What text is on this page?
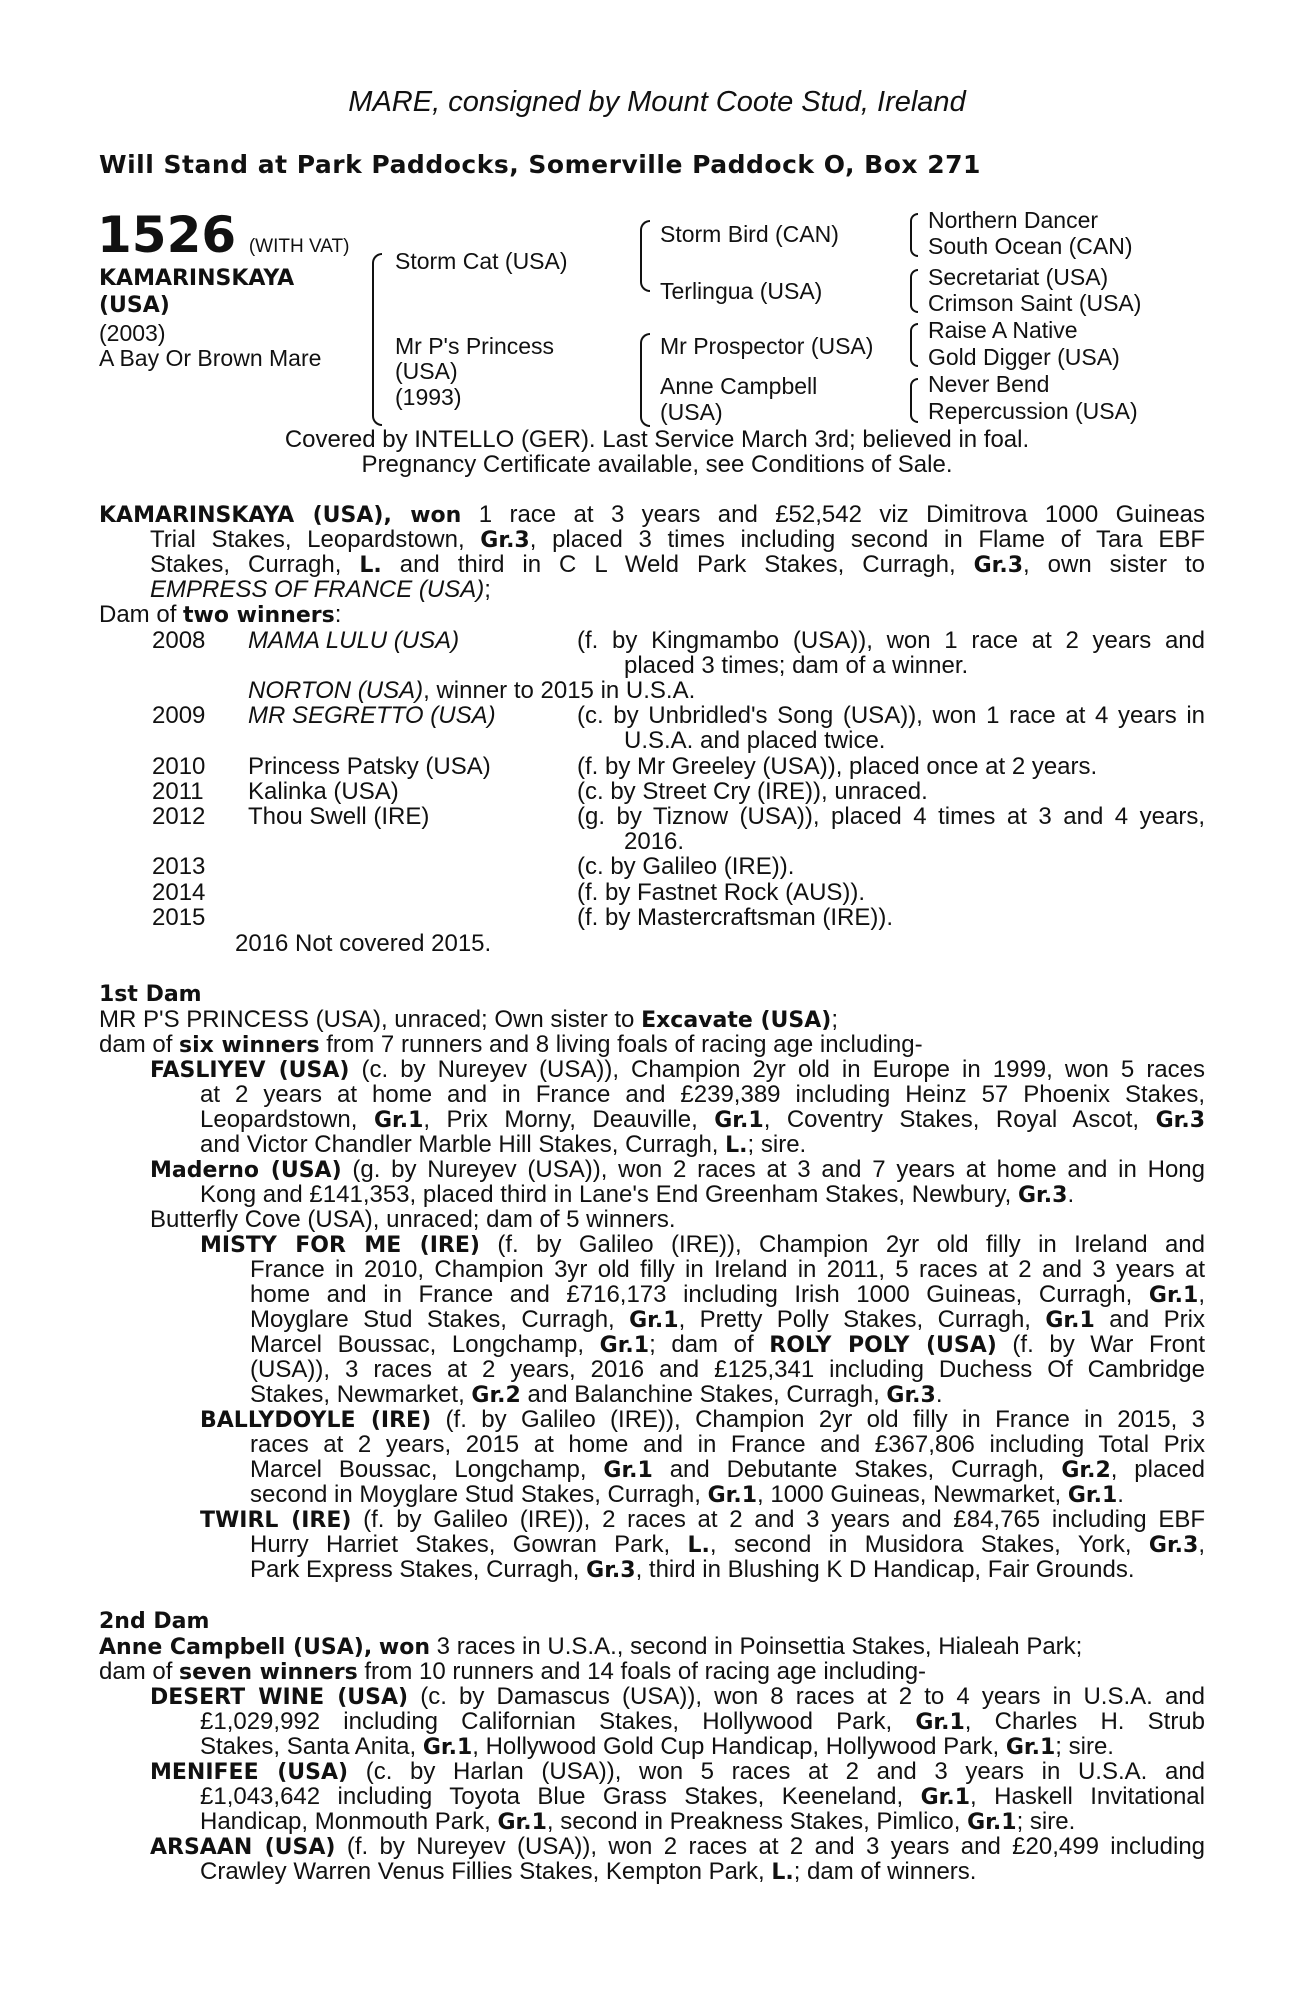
MARE, consigned by Mount Coote Stud, Ireland
Will Stand at Park Paddocks, Somerville Paddock O, Box 271
1526 (WITH VAT)
KAMARINSKAYA
(USA)
(2003)
A Bay Or Brown Mare
Storm Cat (USA)
Mr P's Princess
(USA)
(1993)
Storm Bird (CAN)
Terlingua (USA)
Mr Prospector (USA)
Anne Campbell
(USA)
Northern Dancer
South Ocean (CAN)
Secretariat (USA)
Crimson Saint (USA)
Raise A Native
Gold Digger (USA)
Never Bend
Repercussion (USA)
Covered by INTELLO (GER). Last Service March 3rd; believed in foal.
Pregnancy Certificate available, see Conditions of Sale.
KAMARINSKAYA (USA), won 1 race at 3 years and £52,542 viz Dimitrova 1000 Guineas
Trial Stakes, Leopardstown, Gr.3, placed 3 times including second in Flame of Tara EBF
Stakes, Curragh, L. and third in C L Weld Park Stakes, Curragh, Gr.3, own sister to
EMPRESS OF FRANCE (USA);
Dam of two winners:
2008 MAMA LULU (USA)	(f. by Kingmambo (USA)), won 1 race at 2 years and
placed 3 times; dam of a winner.
NORTON (USA), winner to 2015 in U.S.A.
2009 MR SEGRETTO (USA)	(c. by Unbridled's Song (USA)), won 1 race at 4 years in
U.S.A. and placed twice.
2010 Princess Patsky (USA)	(f. by Mr Greeley (USA)), placed once at 2 years.
2011 Kalinka (USA)	(c. by Street Cry (IRE)), unraced.
2012 Thou Swell (IRE)	(g. by Tiznow (USA)), placed 4 times at 3 and 4 years,
2016.
2013	(c. by Galileo (IRE)).
2014	(f. by Fastnet Rock (AUS)).
2015	(f. by Mastercraftsman (IRE)).
2016 Not covered 2015.
1st Dam
MR P'S PRINCESS (USA), unraced; Own sister to Excavate (USA);
dam of six winners from 7 runners and 8 living foals of racing age including-
FASLIYEV (USA) (c. by Nureyev (USA)), Champion 2yr old in Europe in 1999, won 5 races
at 2 years at home and in France and £239,389 including Heinz 57 Phoenix Stakes,
Leopardstown, Gr.1, Prix Morny, Deauville, Gr.1, Coventry Stakes, Royal Ascot, Gr.3
and Victor Chandler Marble Hill Stakes, Curragh, L.; sire.
Maderno (USA) (g. by Nureyev (USA)), won 2 races at 3 and 7 years at home and in Hong
Kong and £141,353, placed third in Lane's End Greenham Stakes, Newbury, Gr.3.
Butterfly Cove (USA), unraced; dam of 5 winners.
MISTY FOR ME (IRE) (f. by Galileo (IRE)), Champion 2yr old filly in Ireland and
France in 2010, Champion 3yr old filly in Ireland in 2011, 5 races at 2 and 3 years at
home and in France and £716,173 including Irish 1000 Guineas, Curragh, Gr.1,
Moyglare Stud Stakes, Curragh, Gr.1, Pretty Polly Stakes, Curragh, Gr.1 and Prix
Marcel Boussac, Longchamp, Gr.1; dam of ROLY POLY (USA) (f. by War Front
(USA)), 3 races at 2 years, 2016 and £125,341 including Duchess Of Cambridge
Stakes, Newmarket, Gr.2 and Balanchine Stakes, Curragh, Gr.3.
BALLYDOYLE (IRE) (f. by Galileo (IRE)), Champion 2yr old filly in France in 2015, 3
races at 2 years, 2015 at home and in France and £367,806 including Total Prix
Marcel Boussac, Longchamp, Gr.1 and Debutante Stakes, Curragh, Gr.2, placed
second in Moyglare Stud Stakes, Curragh, Gr.1, 1000 Guineas, Newmarket, Gr.1.
TWIRL (IRE) (f. by Galileo (IRE)), 2 races at 2 and 3 years and £84,765 including EBF
Hurry Harriet Stakes, Gowran Park, L., second in Musidora Stakes, York, Gr.3,
Park Express Stakes, Curragh, Gr.3, third in Blushing K D Handicap, Fair Grounds.
2nd Dam
Anne Campbell (USA), won 3 races in U.S.A., second in Poinsettia Stakes, Hialeah Park;
dam of seven winners from 10 runners and 14 foals of racing age including-
DESERT WINE (USA) (c. by Damascus (USA)), won 8 races at 2 to 4 years in U.S.A. and
£1,029,992 including Californian Stakes, Hollywood Park, Gr.1, Charles H. Strub
Stakes, Santa Anita, Gr.1, Hollywood Gold Cup Handicap, Hollywood Park, Gr.1; sire.
MENIFEE (USA) (c. by Harlan (USA)), won 5 races at 2 and 3 years in U.S.A. and
£1,043,642 including Toyota Blue Grass Stakes, Keeneland, Gr.1, Haskell Invitational
Handicap, Monmouth Park, Gr.1, second in Preakness Stakes, Pimlico, Gr.1; sire.
ARSAAN (USA) (f. by Nureyev (USA)), won 2 races at 2 and 3 years and £20,499 including
Crawley Warren Venus Fillies Stakes, Kempton Park, L.; dam of winners.
